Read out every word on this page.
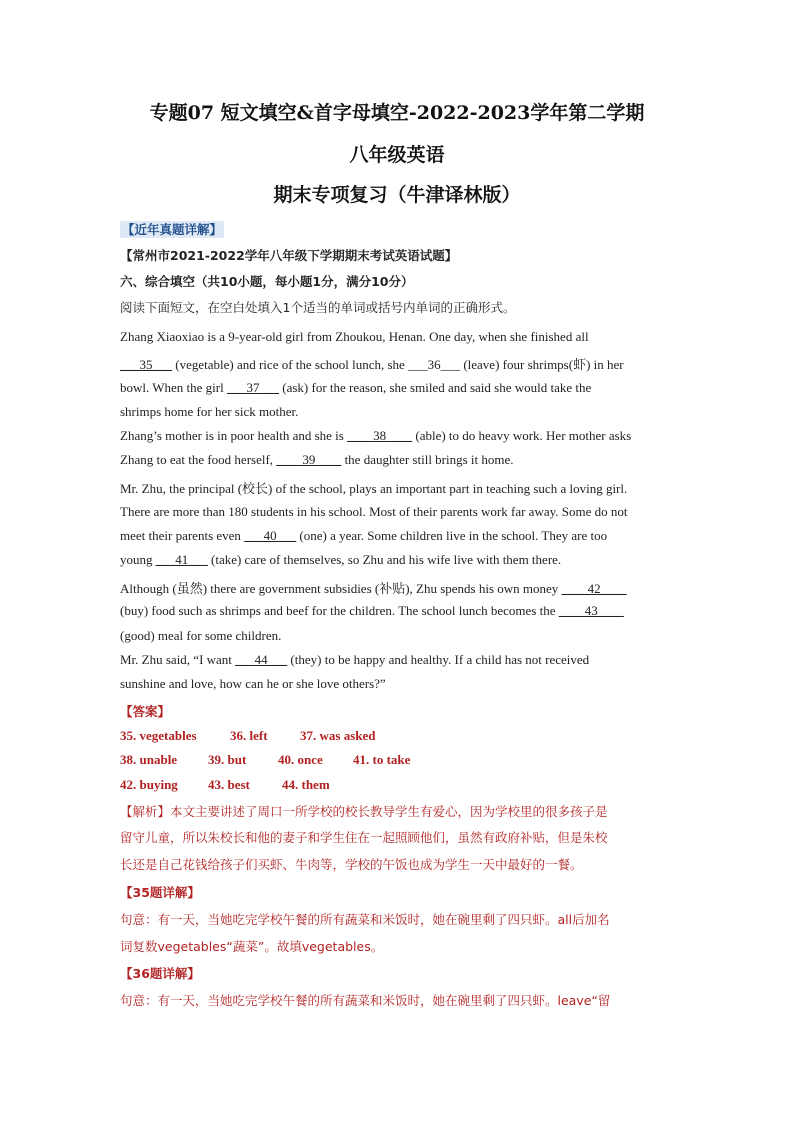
专题07 短文填空&首字母填空-2022-2023学年第二学期
八年级英语
期末专项复习（牛津译林版）
【近年真题详解】
【常州市2021-2022学年八年级下学期期末考试英语试题】
六、综合填空（共10小题，每小题1分，满分10分）
阅读下面短文，在空白处填入1个适当的单词或括号内单词的正确形式。
Zhang Xiaoxiao is a 9-year-old girl from Zhoukou, Henan. One day, when she finished all
___35___ (vegetable) and rice of the school lunch, she ___36___ (leave) four shrimps(虾) in her
bowl. When the girl ___37___ (ask) for the reason, she smiled and said she would take the
shrimps home for her sick mother.
Zhang’s mother is in poor health and she is ____38____ (able) to do heavy work. Her mother asks
Zhang to eat the food herself, ____39____ the daughter still brings it home.
Mr. Zhu, the principal (校长) of the school, plays an important part in teaching such a loving girl.
There are more than 180 students in his school. Most of their parents work far away. Some do not
meet their parents even ___40___ (one) a year. Some children live in the school. They are too
young ___41___ (take) care of themselves, so Zhu and his wife live with them there.
Although (虽然) there are government subsidies (补贴), Zhu spends his own money ____42____
(buy) food such as shrimps and beef for the children. The school lunch becomes the ____43____
(good) meal for some children.
Mr. Zhu said, “I want ___44___ (they) to be happy and healthy. If a child has not received
sunshine and love, how can he or she love others?”
【答案】
35. vegetables	36. left 37. was asked
38. unable 39. but 40. once 41. to take
42. buying 43. best 44. them
【解析】本文主要讲述了周口一所学校的校长教导学生有爱心，因为学校里的很多孩子是
留守儿童，所以朱校长和他的妻子和学生住在一起照顾他们，虽然有政府补贴，但是朱校
长还是自己花钱给孩子们买虾、牛肉等，学校的午饭也成为学生一天中最好的一餐。
【35题详解】
句意：有一天，当她吃完学校午餐的所有蔬菜和米饭时，她在碗里剩了四只虾。all后加名
词复数vegetables“蔬菜”。故填vegetables。
【36题详解】
句意：有一天，当她吃完学校午餐的所有蔬菜和米饭时，她在碗里剩了四只虾。leave“留
